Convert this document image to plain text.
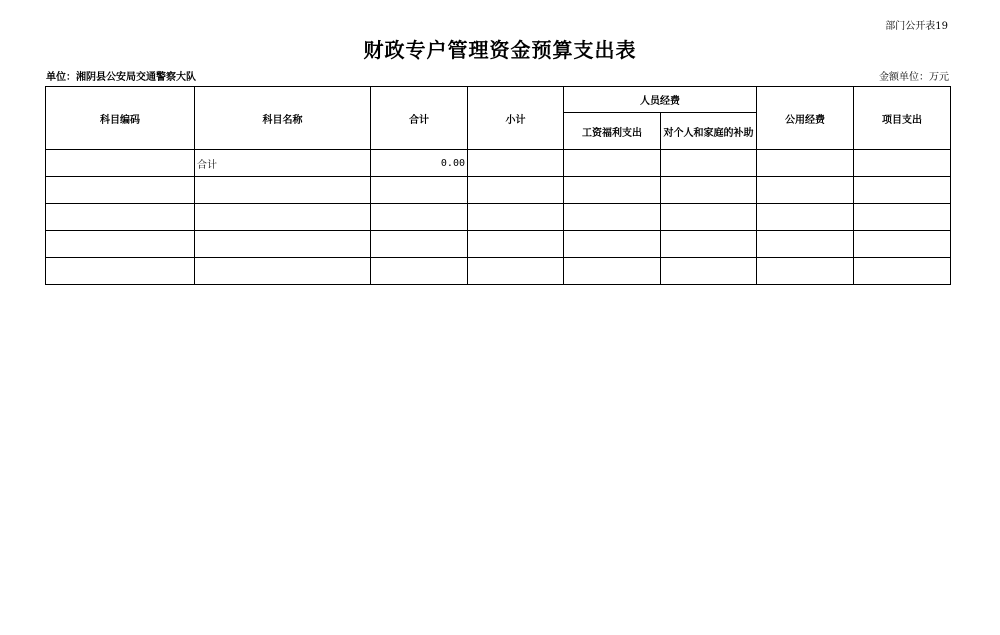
部门公开表19
财政专户管理资金预算支出表
单位：湘阴县公安局交通警察大队	金额单位：万元
科目编码	科目名称	合计	小计	人员经费		公用经费	项目支出
				工资福利支出	对个人和家庭的补助		
	合计	0.00					
